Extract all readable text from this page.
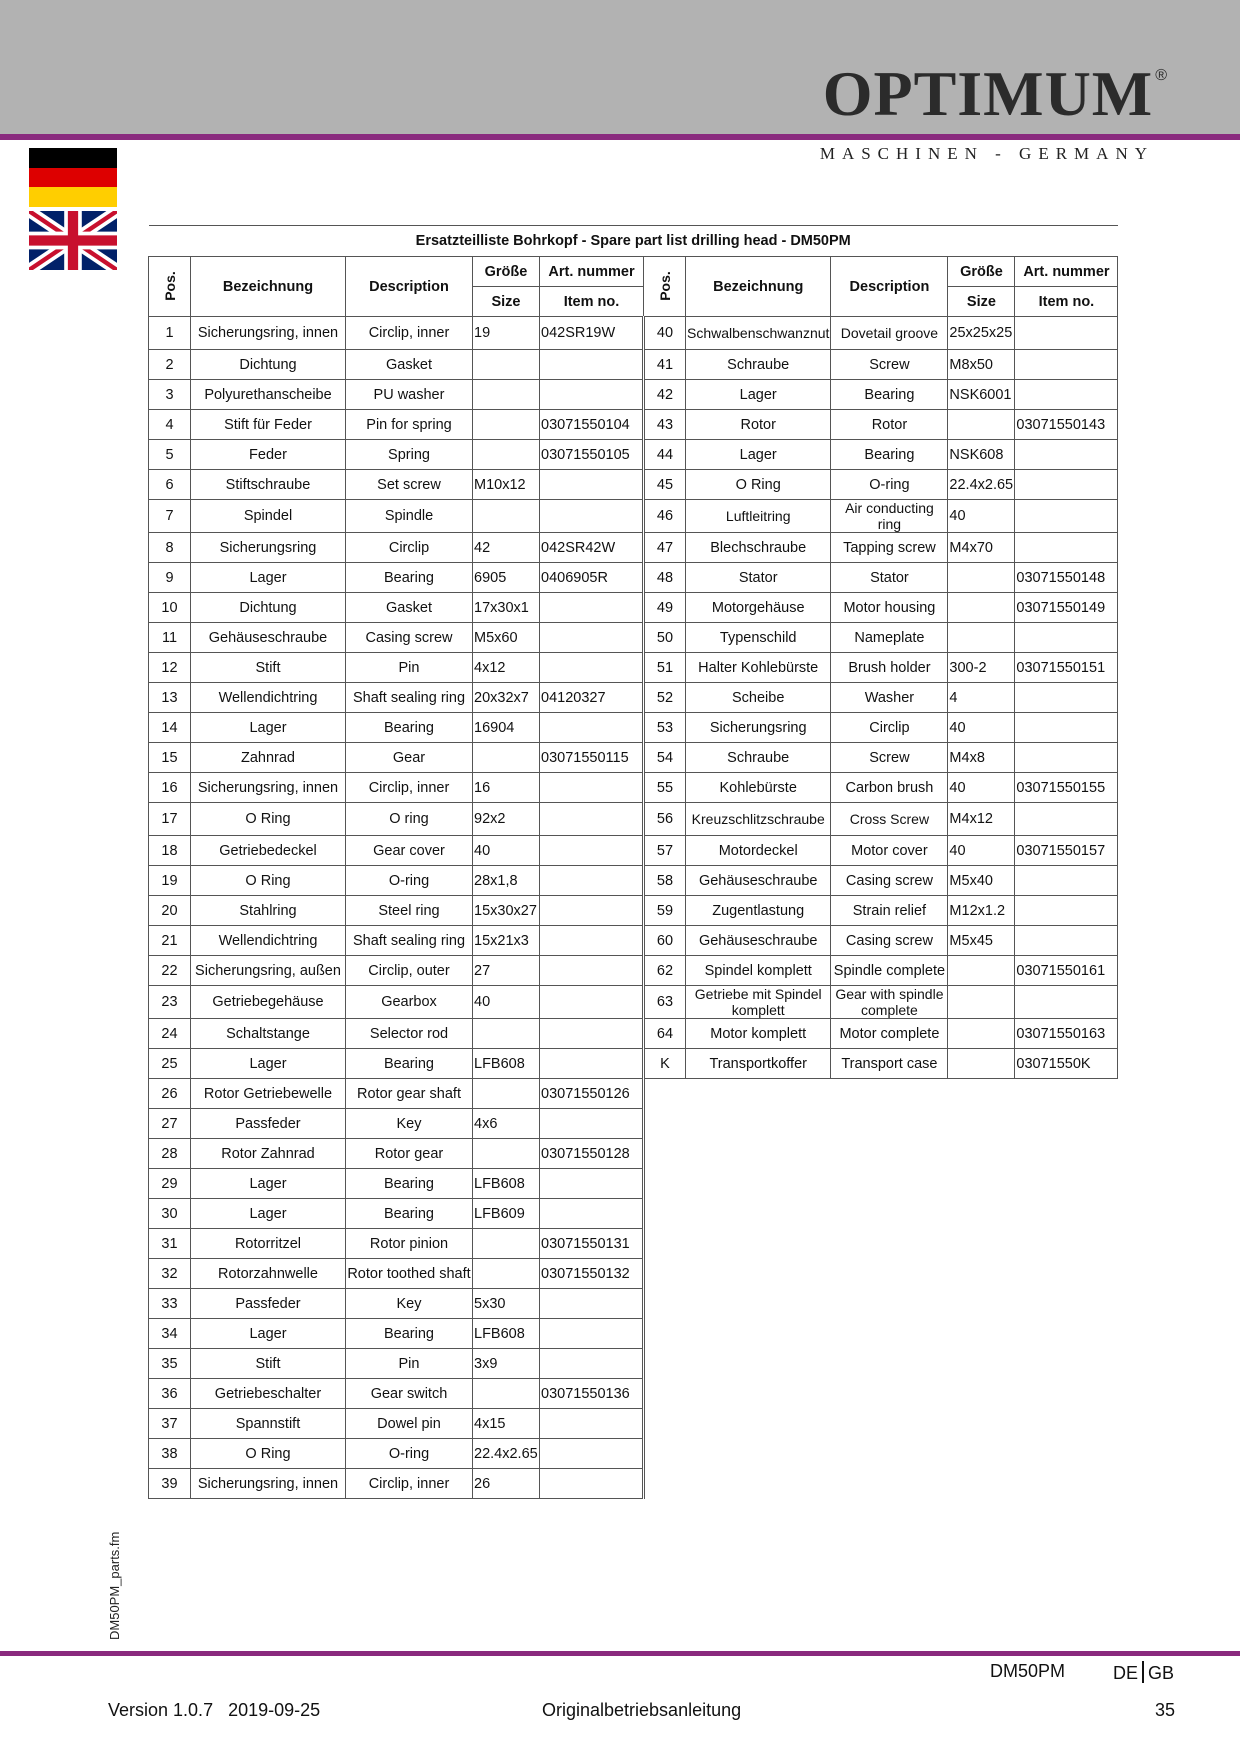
OPTIMUM ®
MASCHINEN - GERMANY
Ersatzteilliste Bohrkopf - Spare part list drilling head - DM50PM									
Pos.	Bezeichnung	Description	Größe	Art. nummer	Pos.	Bezeichnung	Description	Größe	Art. nummer
			Size	Item no.				Size	Item no.
1	Sicherungsring, innen	Circlip, inner	19	042SR19W	40	Schwalbenschwanznut	Dovetail groove	25x25x25	
2	Dichtung	Gasket			41	Schraube	Screw	M8x50	
3	Polyurethanscheibe	PU washer			42	Lager	Bearing	NSK6001	
4	Stift für Feder	Pin for spring		03071550104	43	Rotor	Rotor		03071550143
5	Feder	Spring		03071550105	44	Lager	Bearing	NSK608	
6	Stiftschraube	Set screw	M10x12		45	O Ring	O-ring	22.4x2.65	
7	Spindel	Spindle			46	Luftleitring	Air conducting ring	40	
8	Sicherungsring	Circlip	42	042SR42W	47	Blechschraube	Tapping screw	M4x70	
9	Lager	Bearing	6905	0406905R	48	Stator	Stator		03071550148
10	Dichtung	Gasket	17x30x1		49	Motorgehäuse	Motor housing		03071550149
11	Gehäuseschraube	Casing screw	M5x60		50	Typenschild	Nameplate		
12	Stift	Pin	4x12		51	Halter Kohlebürste	Brush holder	300-2	03071550151
13	Wellendichtring	Shaft sealing ring	20x32x7	04120327	52	Scheibe	Washer	4	
14	Lager	Bearing	16904		53	Sicherungsring	Circlip	40	
15	Zahnrad	Gear		03071550115	54	Schraube	Screw	M4x8	
16	Sicherungsring, innen	Circlip, inner	16		55	Kohlebürste	Carbon brush	40	03071550155
17	O Ring	O ring	92x2		56	Kreuzschlitzschraube	Cross Screw	M4x12	
18	Getriebedeckel	Gear cover	40		57	Motordeckel	Motor cover	40	03071550157
19	O Ring	O-ring	28x1,8		58	Gehäuseschraube	Casing screw	M5x40	
20	Stahlring	Steel ring	15x30x27		59	Zugentlastung	Strain relief	M12x1.2	
21	Wellendichtring	Shaft sealing ring	15x21x3		60	Gehäuseschraube	Casing screw	M5x45	
22	Sicherungsring, außen	Circlip, outer	27		62	Spindel komplett	Spindle complete		03071550161
23	Getriebegehäuse	Gearbox	40		63	Getriebe mit Spindel komplett	Gear with spindle complete		
24	Schaltstange	Selector rod			64	Motor komplett	Motor complete		03071550163
25	Lager	Bearing	LFB608		K	Transportkoffer	Transport case		03071550K
26	Rotor Getriebewelle	Rotor gear shaft		03071550126					
27	Passfeder	Key	4x6						
28	Rotor Zahnrad	Rotor gear		03071550128					
29	Lager	Bearing	LFB608						
30	Lager	Bearing	LFB609						
31	Rotorritzel	Rotor pinion		03071550131					
32	Rotorzahnwelle	Rotor toothed shaft		03071550132					
33	Passfeder	Key	5x30						
34	Lager	Bearing	LFB608						
35	Stift	Pin	3x9						
36	Getriebeschalter	Gear switch		03071550136					
37	Spannstift	Dowel pin	4x15						
38	O Ring	O-ring	22.4x2.65						
39	Sicherungsring, innen	Circlip, inner	26						
DM50PM_parts.fm
DM50PM	DE GB
Version 1.0.7   2019-09-25	Originalbetriebsanleitung	35
